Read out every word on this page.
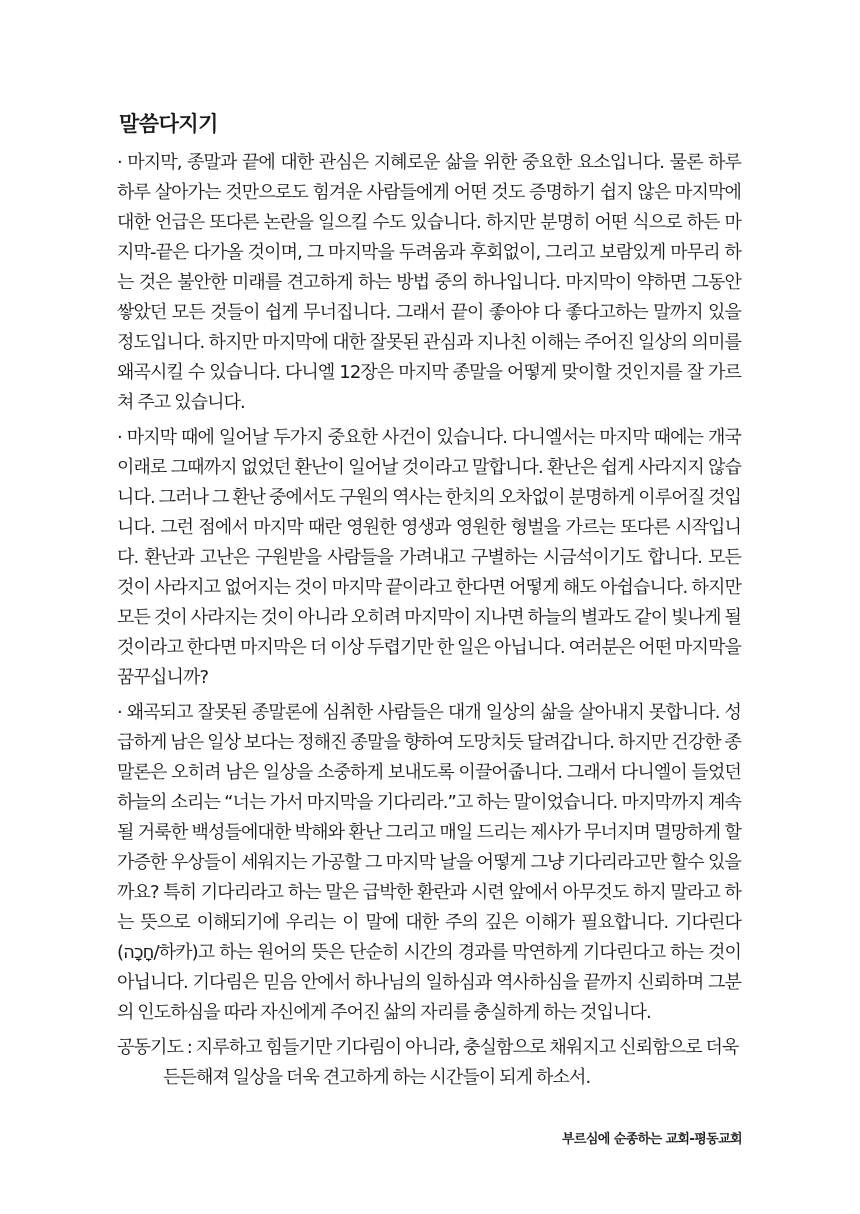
말씀다지기

· 마지막, 종말과 끝에 대한 관심은 지혜로운 삶을 위한 중요한 요소입니다. 물론 하루 하루 살아가는 것만으로도 힘겨운 사람들에게 어떤 것도 증명하기 쉽지 않은 마지막에 대한 언급은 또다른 논란을 일으킬 수도 있습니다. 하지만 분명히 어떤 식으로 하든 마지막-끝은 다가올 것이며, 그 마지막을 두려움과 후회없이, 그리고 보람있게 마무리 하는 것은 불안한 미래를 견고하게 하는 방법 중의 하나입니다. 마지막이 약하면 그동안 쌓았던 모든 것들이 쉽게 무너집니다. 그래서 끝이 좋아야 다 좋다고하는 말까지 있을 정도입니다. 하지만 마지막에 대한 잘못된 관심과 지나친 이해는 주어진 일상의 의미를 왜곡시킬 수 있습니다. 다니엘 12장은 마지막 종말을 어떻게 맞이할 것인지를 잘 가르쳐 주고 있습니다.

· 마지막 때에 일어날 두가지 중요한 사건이 있습니다. 다니엘서는 마지막 때에는 개국 이래로 그때까지 없었던 환난이 일어날 것이라고 말합니다. 환난은 쉽게 사라지지 않습니다. 그러나 그 환난 중에서도 구원의 역사는 한치의 오차없이 분명하게 이루어질 것입니다. 그런 점에서 마지막 때란 영원한 영생과 영원한 형벌을 가르는 또다른 시작입니다. 환난과 고난은 구원받을 사람들을 가려내고 구별하는 시금석이기도 합니다. 모든 것이 사라지고 없어지는 것이 마지막 끝이라고 한다면 어떻게 해도 아쉽습니다. 하지만 모든 것이 사라지는 것이 아니라 오히려 마지막이 지나면 하늘의 별과도 같이 빛나게 될 것이라고 한다면 마지막은 더 이상 두렵기만 한 일은 아닙니다. 여러분은 어떤 마지막을 꿈꾸십니까?

· 왜곡되고 잘못된 종말론에 심취한 사람들은 대개 일상의 삶을 살아내지 못합니다. 성급하게 남은 일상 보다는 정해진 종말을 향하여 도망치듯 달려갑니다. 하지만 건강한 종말론은 오히려 남은 일상을 소중하게 보내도록 이끌어줍니다. 그래서 다니엘이 들었던 하늘의 소리는 “너는 가서 마지막을 기다리라.”고 하는 말이었습니다. 마지막까지 계속될 거룩한 백성들에대한 박해와 환난 그리고 매일 드리는 제사가 무너지며 멸망하게 할 가증한 우상들이 세워지는 가공할 그 마지막 날을 어떻게 그냥 기다리라고만 할수 있을까요? 특히 기다리라고 하는 말은 급박한 환란과 시련 앞에서 아무것도 하지 말라고 하는 뜻으로 이해되기에 우리는 이 말에 대한 주의 깊은 이해가 필요합니다. 기다린다(חָכָה/하카)고 하는 원어의 뜻은 단순히 시간의 경과를 막연하게 기다린다고 하는 것이 아닙니다. 기다림은 믿음 안에서 하나님의 일하심과 역사하심을 끝까지 신뢰하며 그분의 인도하심을 따라 자신에게 주어진 삶의 자리를 충실하게 하는 것입니다.

공동기도 : 지루하고 힘들기만 기다림이 아니라, 충실함으로 채워지고 신뢰함으로 더욱 든든해져 일상을 더욱 견고하게 하는 시간들이 되게 하소서.

부르심에 순종하는 교회-평동교회
